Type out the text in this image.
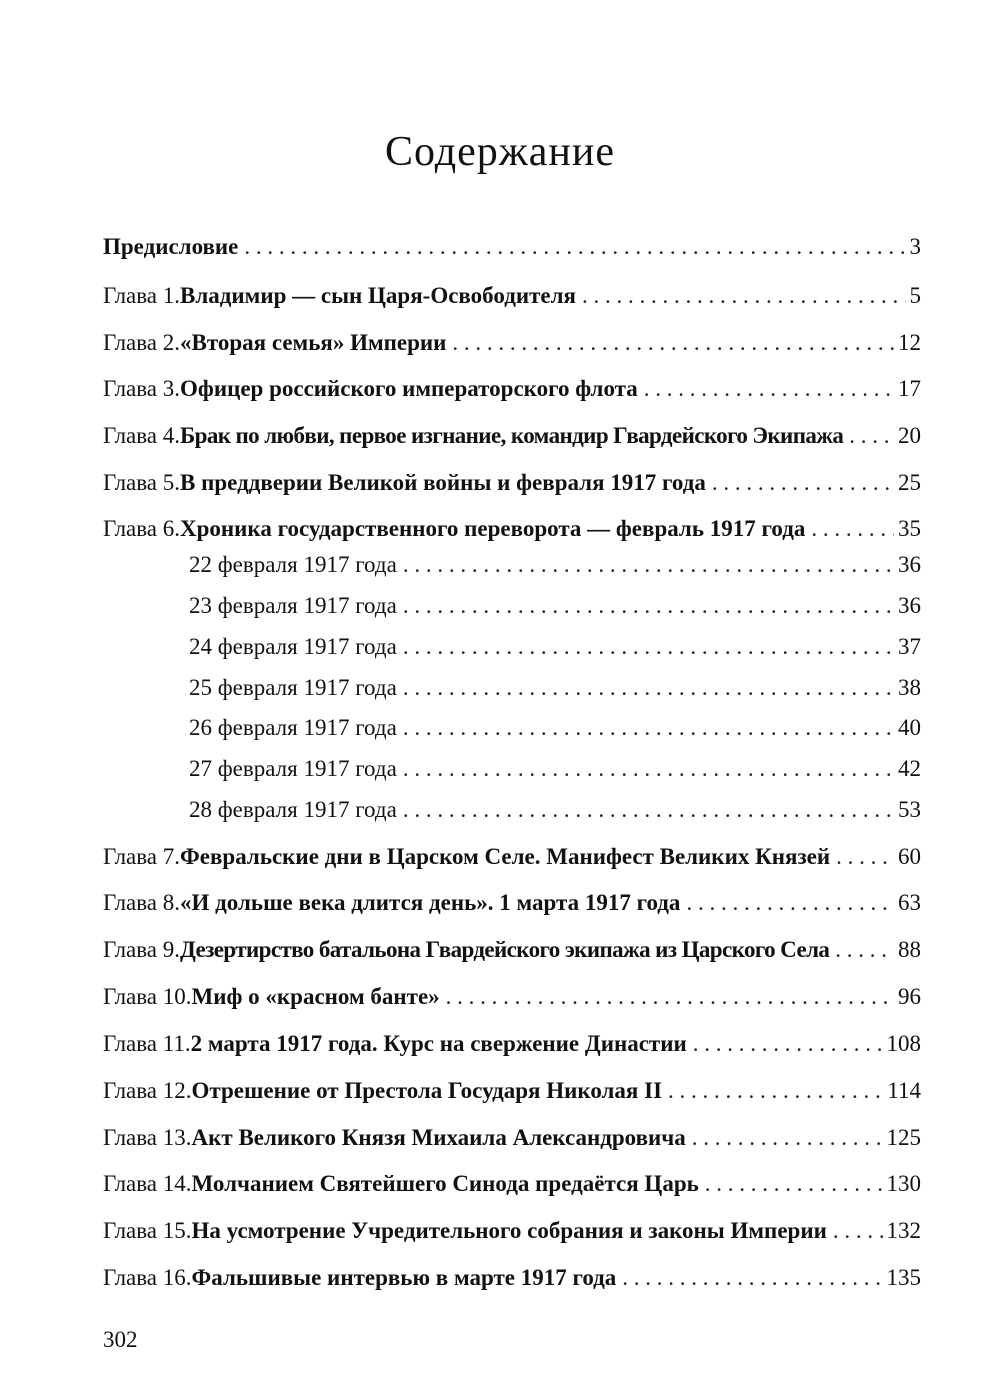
Содержание
Предисловие . . .	3
Глава 1. Владимир — сын Царя-Освободителя . . .	5
Глава 2. «Вторая семья» Империи . . .	12
Глава 3. Офицер российского императорского флота . . .	17
Глава 4. Брак по любви, первое изгнание, командир Гвардейского Экипажа . . . 20
Глава 5. В преддверии Великой войны и февраля 1917 года . . .	25
Глава 6. Хроника государственного переворота — февраль 1917 года . . .	35
22 февраля 1917 года . . .	36
23 февраля 1917 года . . .	36
24 февраля 1917 года . . .	37
25 февраля 1917 года . . .	38
26 февраля 1917 года . . .	40
27 февраля 1917 года . . .	42
28 февраля 1917 года . . .	53
Глава 7. Февральские дни в Царском Селе. Манифест Великих Князей . . .	60
Глава 8. «И дольше века длится день». 1 марта 1917 года . . .	63
Глава 9. Дезертирство батальона Гвардейского экипажа из Царского Села . . .	88
Глава 10. Миф о «красном банте» . . .	96
Глава 11. 2 марта 1917 года. Курс на свержение Династии . . .	108
Глава 12. Отрешение от Престола Государя Николая II . . .	114
Глава 13. Акт Великого Князя Михаила Александровича . . .	125
Глава 14. Молчанием Святейшего Синода предаётся Царь . . .	130
Глава 15. На усмотрение Учредительного собрания и законы Империи . . .	132
Глава 16. Фальшивые интервью в марте 1917 года . . .	135
302
